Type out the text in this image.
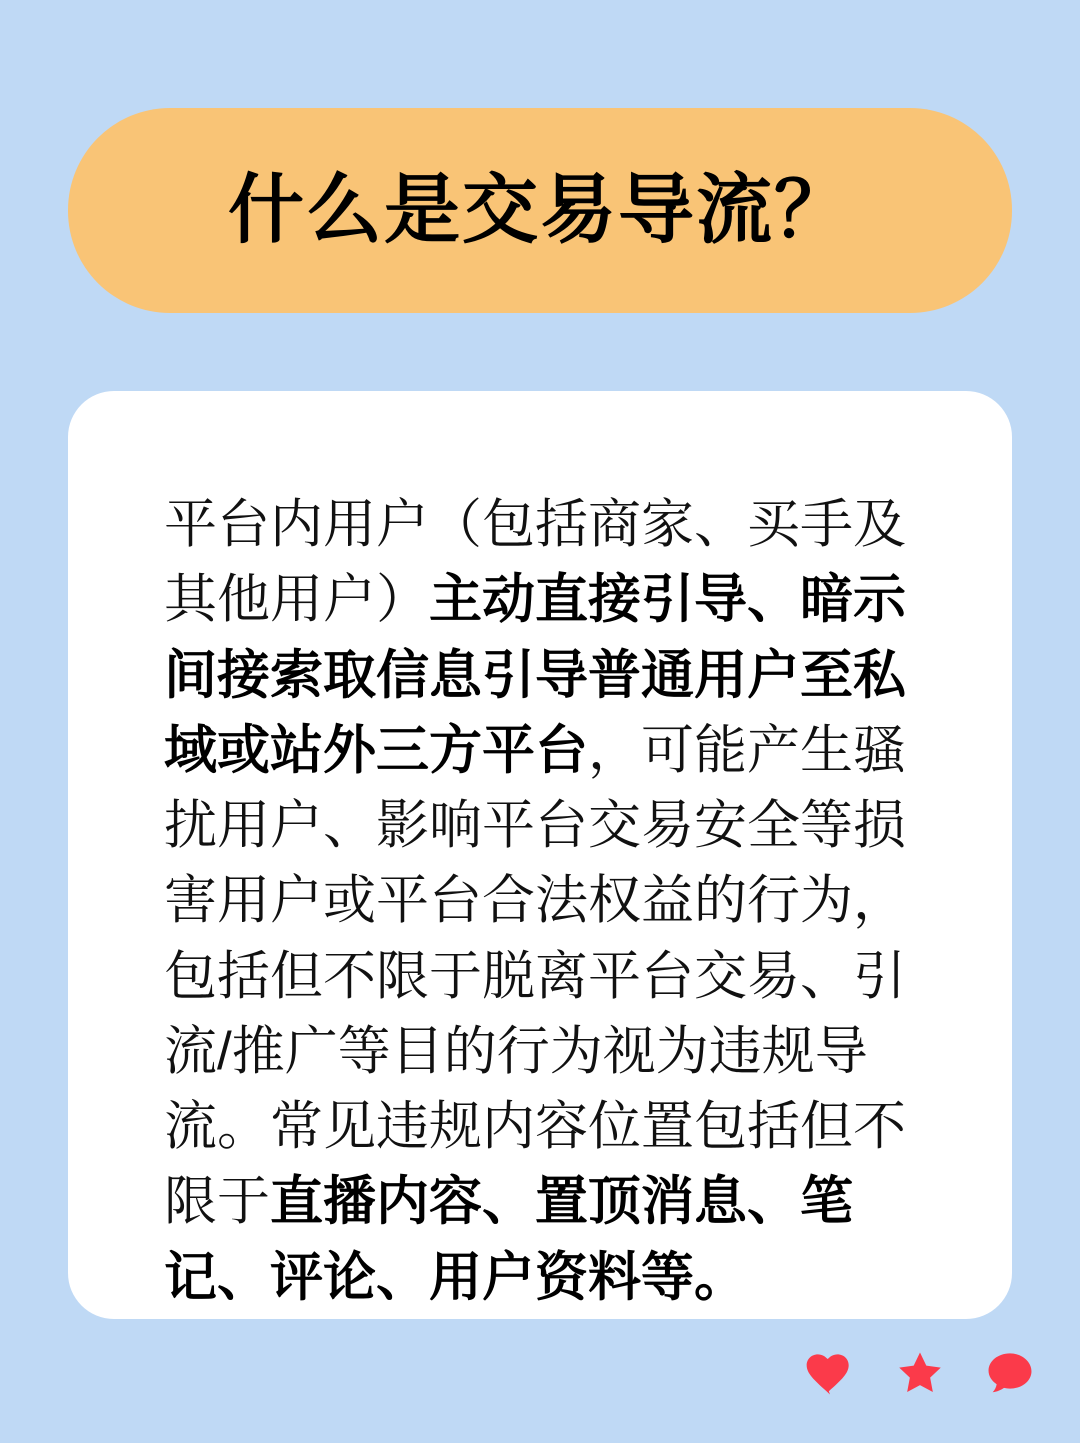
什么是交易导流？
平台内用户（包括商家、买手及其他用户）主动直接引导、暗示间接索取信息引导普通用户至私域或站外三方平台，可能产生骚扰用户、影响平台交易安全等损害用户或平台合法权益的行为，包括但不限于脱离平台交易、引流/推广等目的行为视为违规导流。常见违规内容位置包括但不限于直播内容、置顶消息、笔记、评论、用户资料等。
